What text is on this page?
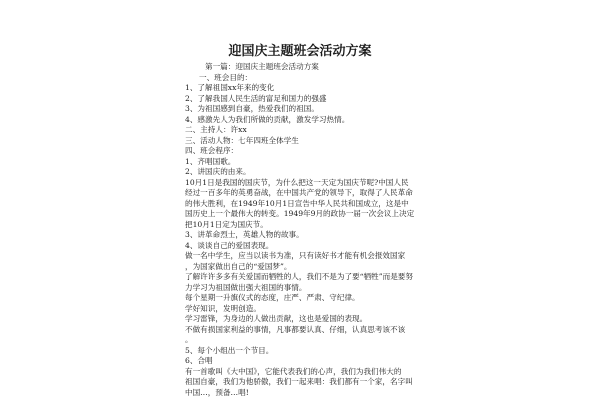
迎国庆主题班会活动方案

第一篇：迎国庆主题班会活动方案

一、班会目的：

1、了解祖国xx年来的变化

2、了解我国人民生活的富足和国力的强盛

3、为祖国感到自豪，热爱我们的祖国。

4、感激先人为我们所做的贡献，激发学习热情。

二、主持人：许xx

三、活动人物：七年四班全体学生

四、班会程序：

1、齐唱国歌。

2、讲国庆的由来。

10月1日是我国的国庆节，为什么把这一天定为国庆节呢?中国人民

经过一百多年的英勇奋战，在中国共产党的领导下，取得了人民革命

的伟大胜利，在1949年10月1日宣告中华人民共和国成立，这是中

国历史上一个最伟大的转变。1949年9月的政协一届一次会议上决定

把10月1日定为国庆节。

3、讲革命烈士，英雄人物的故事。

4、谈谈自己的爱国表现。

做一名中学生，应当以读书为准，只有读好书才能有机会报效国家

，为国家做出自己的“爱国梦”。

了解许许多多有关爱国而牺牲的人，我们不是为了要“牺牲”而是要努

力学习为祖国做出强大祖国的事情。

每个星期一升旗仪式的态度，庄严、严肃、守纪律。

学好知识，发明创造。

学习雷锋，为身边的人做出贡献，这也是爱国的表现。

不做有损国家利益的事情，凡事都要认真、仔细，认真思考该不该

。

5、每个小组出一个节目。

6、合唱

有一首歌叫《大中国》，它能代表我们的心声，我们为我们伟大的

祖国自豪，我们为他骄傲，我们一起来唱：我们都有一个家，名字叫

中国…，预备…唱!
